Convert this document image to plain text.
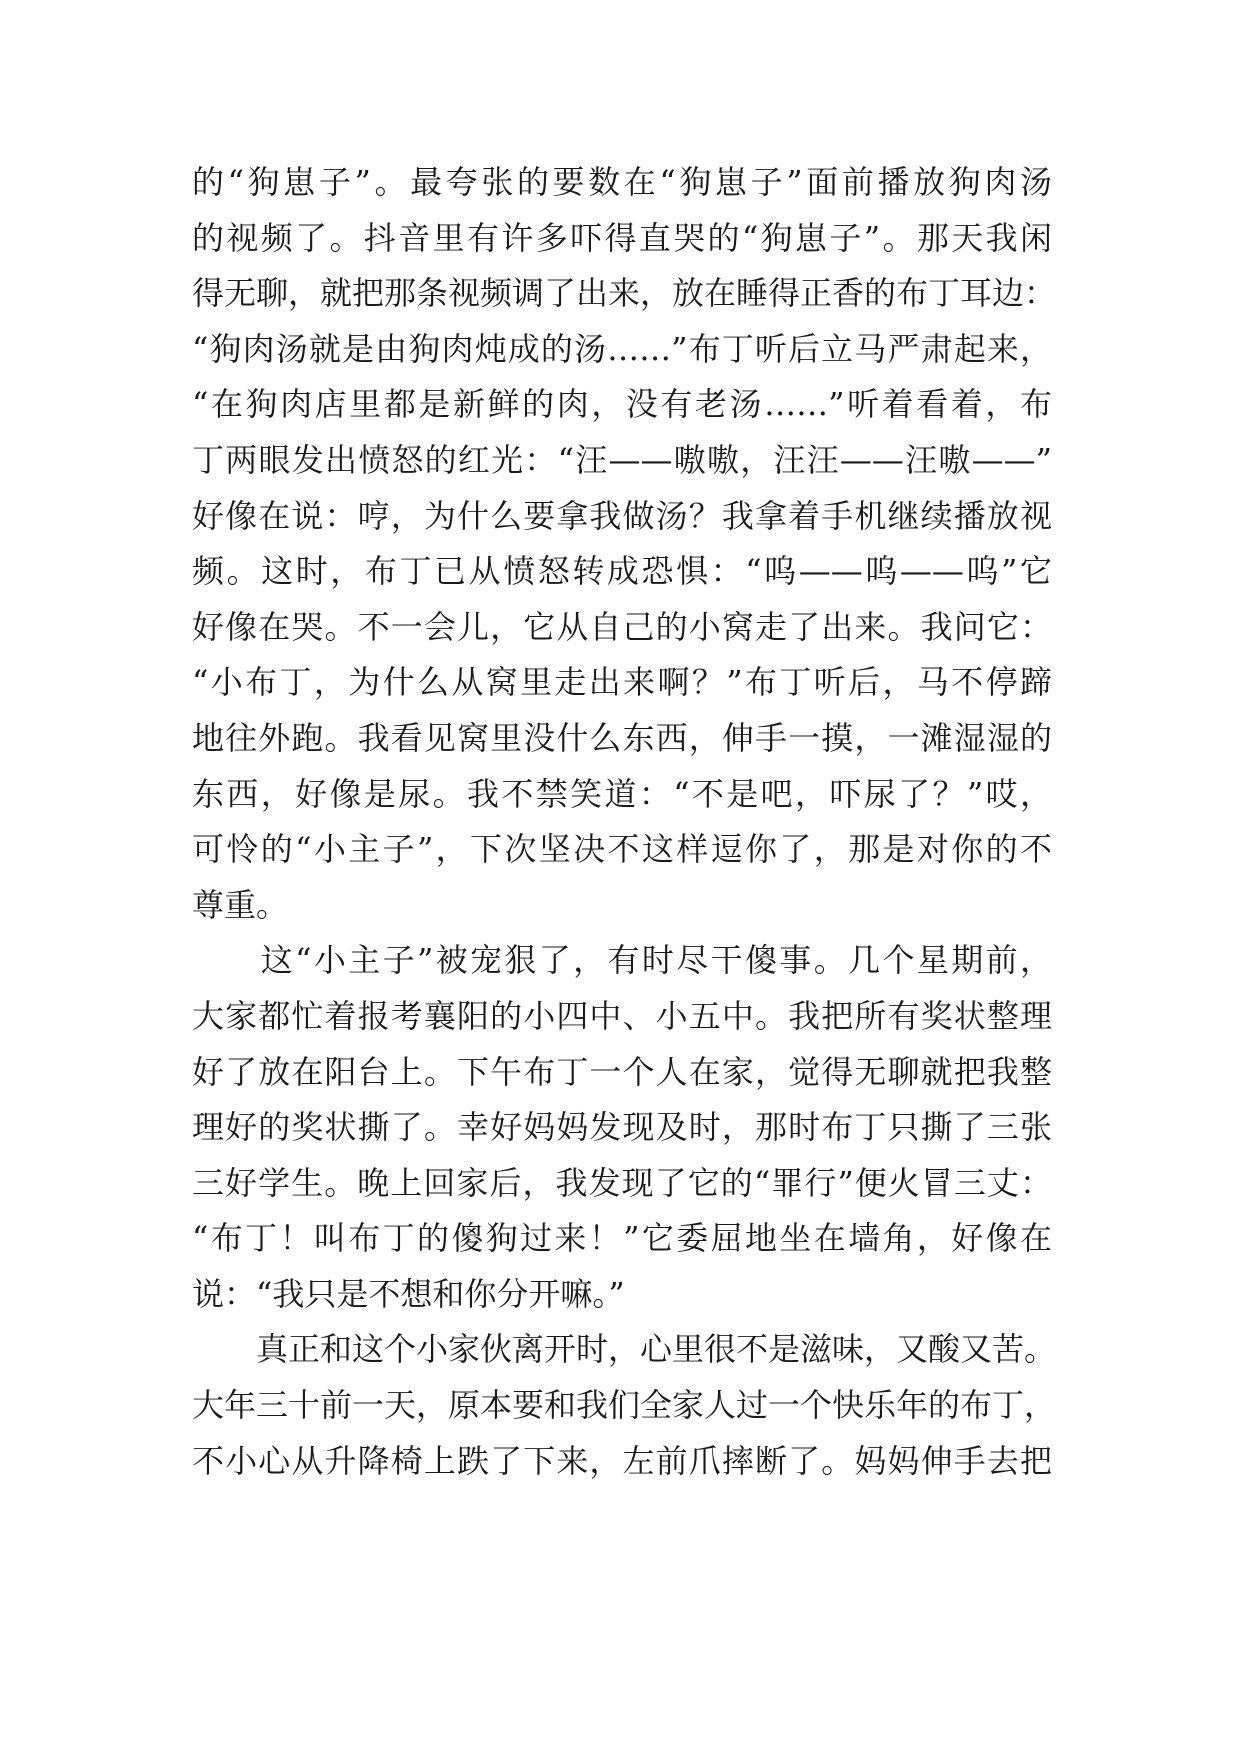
的“狗崽子”。最夸张的要数在“狗崽子”面前播放狗肉汤
的视频了。抖音里有许多吓得直哭的“狗崽子”。那天我闲
得无聊，就把那条视频调了出来，放在睡得正香的布丁耳边：
“狗肉汤就是由狗肉炖成的汤……”布丁听后立马严肃起来，
“在狗肉店里都是新鲜的肉，没有老汤……”听着看着，布
丁两眼发出愤怒的红光：“汪——嗷嗷，汪汪——汪嗷——”
好像在说：哼，为什么要拿我做汤？我拿着手机继续播放视
频。这时，布丁已从愤怒转成恐惧：“呜——呜——呜”它
好像在哭。不一会儿，它从自己的小窝走了出来。我问它：
“小布丁，为什么从窝里走出来啊？”布丁听后，马不停蹄
地往外跑。我看见窝里没什么东西，伸手一摸，一滩湿湿的
东西，好像是尿。我不禁笑道：“不是吧，吓尿了？”哎，
可怜的“小主子”，下次坚决不这样逗你了，那是对你的不
尊重。
　　这“小主子”被宠狠了，有时尽干傻事。几个星期前，
大家都忙着报考襄阳的小四中、小五中。我把所有奖状整理
好了放在阳台上。下午布丁一个人在家，觉得无聊就把我整
理好的奖状撕了。幸好妈妈发现及时，那时布丁只撕了三张
三好学生。晚上回家后，我发现了它的“罪行”便火冒三丈：
“布丁！叫布丁的傻狗过来！”它委屈地坐在墙角，好像在
说：“我只是不想和你分开嘛。”
　　真正和这个小家伙离开时，心里很不是滋味，又酸又苦。
大年三十前一天，原本要和我们全家人过一个快乐年的布丁，
不小心从升降椅上跌了下来，左前爪摔断了。妈妈伸手去把
